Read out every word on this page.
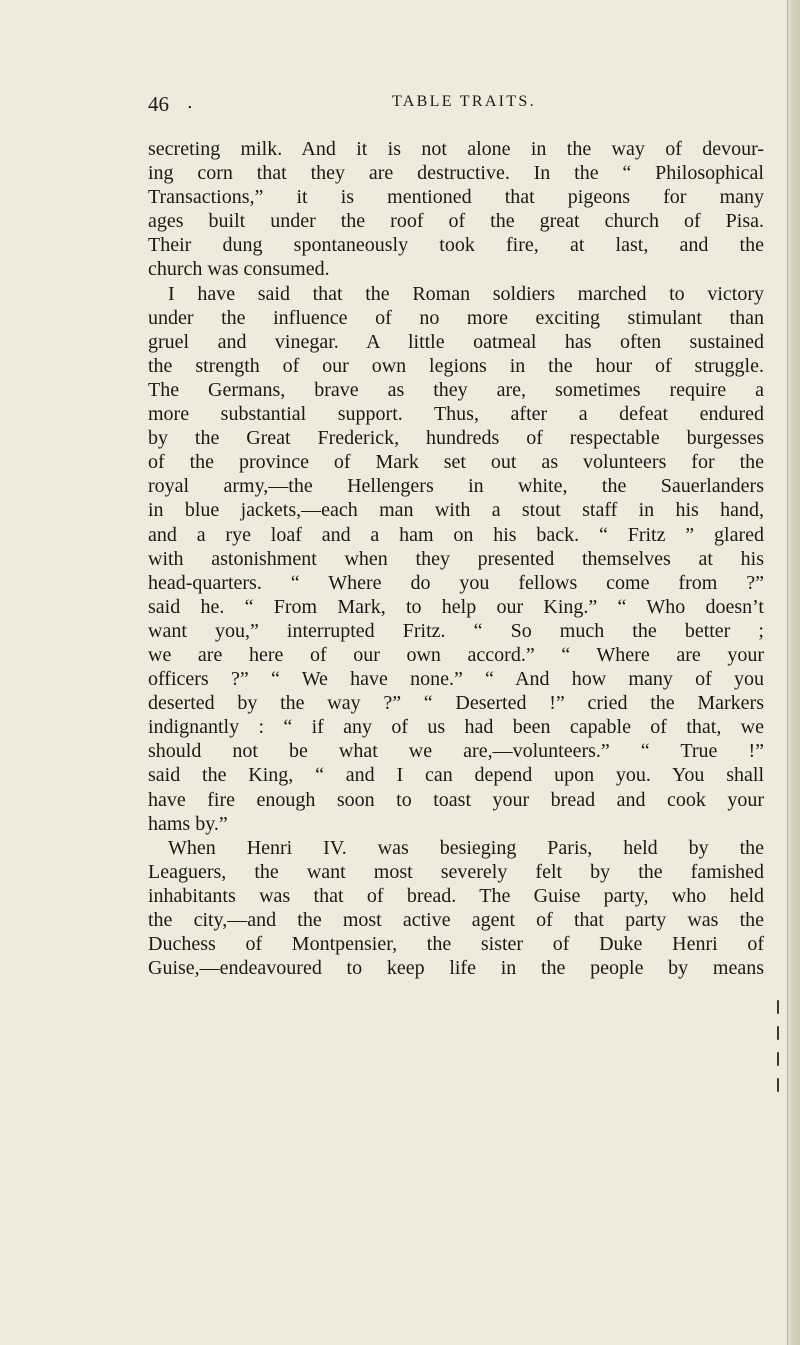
46 .	TABLE TRAITS.

secreting milk. And it is not alone in the way of devour-

ing corn that they are destructive. In the “ Philosophical

Transactions,” it is mentioned that pigeons for many

ages built under the roof of the great church of Pisa.

Their dung spontaneously took fire, at last, and the

church was consumed.

I have said that the Roman soldiers marched to victory

under the influence of no more exciting stimulant than

gruel and vinegar. A little oatmeal has often sustained

the strength of our own legions in the hour of struggle.

The Germans, brave as they are, sometimes require a

more substantial support. Thus, after a defeat endured

by the Great Frederick, hundreds of respectable burgesses

of the province of Mark set out as volunteers for the

royal army,—the Hellengers in white, the Sauerlanders

in blue jackets,—each man with a stout staff in his hand,

and a rye loaf and a ham on his back. “ Fritz ” glared

with astonishment when they presented themselves at his

head-quarters. “ Where do you fellows come from ?”

said he. “ From Mark, to help our King.” “ Who doesn’t

want you,” interrupted Fritz. “ So much the better ;

we are here of our own accord.” “ Where are your

officers ?” “ We have none.” “ And how many of you

deserted by the way ?” “ Deserted !” cried the Markers

indignantly : “ if any of us had been capable of that, we

should not be what we are,—volunteers.” “ True !”

said the King, “ and I can depend upon you. You shall

have fire enough soon to toast your bread and cook your

hams by.”

When Henri IV. was besieging Paris, held by the

Leaguers, the want most severely felt by the famished

inhabitants was that of bread. The Guise party, who held

the city,—and the most active agent of that party was the

Duchess of Montpensier, the sister of Duke Henri of

Guise,—endeavoured to keep life in the people by means
